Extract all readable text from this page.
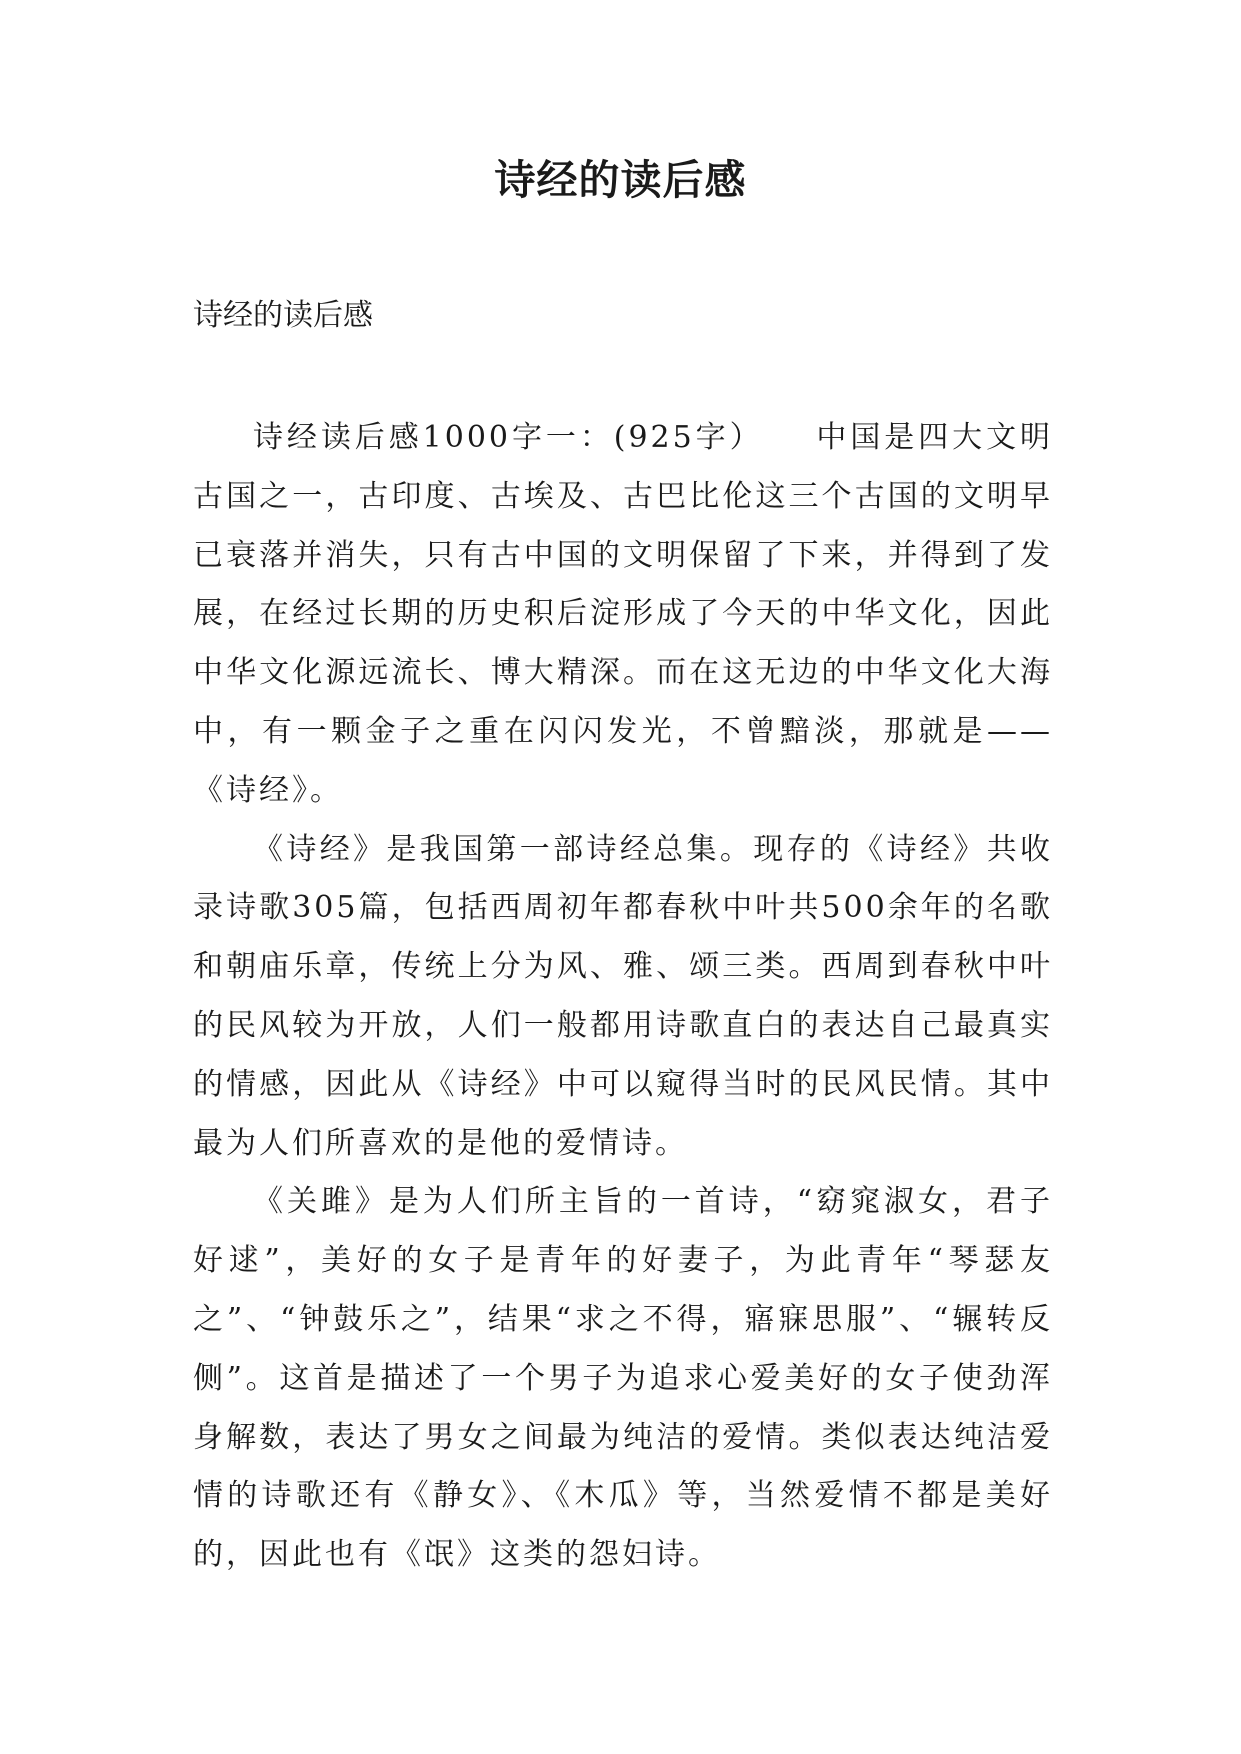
诗经的读后感

诗经的读后感

诗经读后感1000字一：(925字）　　中国是四大文明古国之一，古印度、古埃及、古巴比伦这三个古国的文明早已衰落并消失，只有古中国的文明保留了下来，并得到了发展，在经过长期的历史积后淀形成了今天的中华文化，因此中华文化源远流长、博大精深。而在这无边的中华文化大海中，有一颗金子之重在闪闪发光，不曾黯淡，那就是——《诗经》。

《诗经》是我国第一部诗经总集。现存的《诗经》共收录诗歌305篇，包括西周初年都春秋中叶共500余年的名歌和朝庙乐章，传统上分为风、雅、颂三类。西周到春秋中叶的民风较为开放，人们一般都用诗歌直白的表达自己最真实的情感，因此从《诗经》中可以窥得当时的民风民情。其中最为人们所喜欢的是他的爱情诗。

《关雎》是为人们所主旨的一首诗，“窈窕淑女，君子好逑”，美好的女子是青年的好妻子，为此青年“琴瑟友之”、“钟鼓乐之”，结果“求之不得，寤寐思服”、“辗转反侧”。这首是描述了一个男子为追求心爱美好的女子使劲浑身解数，表达了男女之间最为纯洁的爱情。类似表达纯洁爱情的诗歌还有《静女》、《木瓜》等，当然爱情不都是美好的，因此也有《氓》这类的怨妇诗。
